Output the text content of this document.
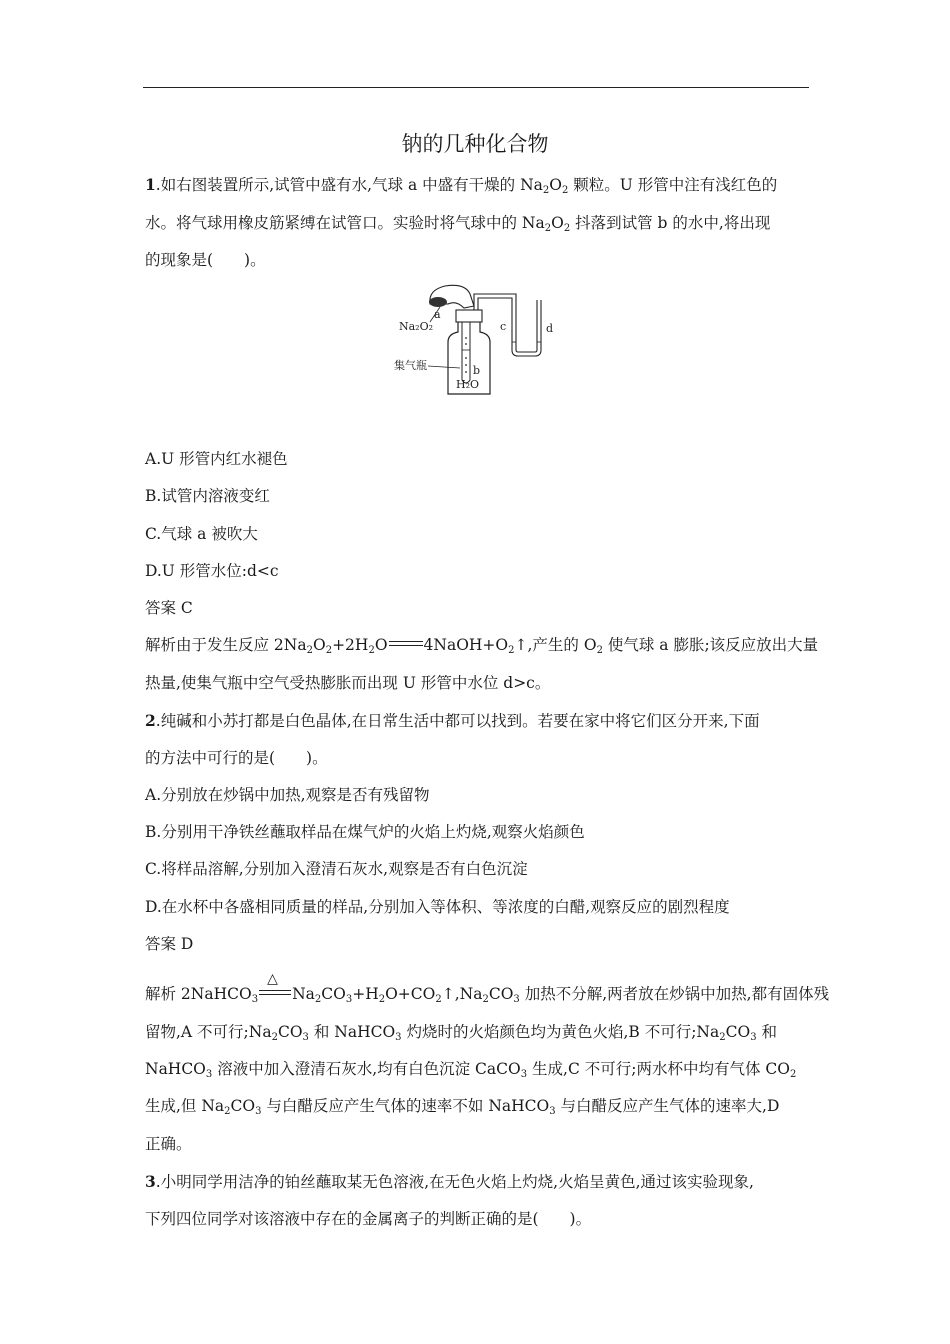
钠的几种化合物
1.如右图装置所示,试管中盛有水,气球 a 中盛有干燥的 $Na_2O_2$ 颗粒。U 形管中注有浅红色的
水。将气球用橡皮筋紧缚在试管口。实验时将气球中的 $Na_2O_2$ 抖落到试管 b 的水中,将出现
的现象是(　　)。
Na₂O₂
a
b
c	d
集气瓶
H₂O
A.U 形管内红水褪色
B.试管内溶液变红
C.气球 a 被吹大
D.U 形管水位:d<c
答案 C
解析由于发生反应 $2Na_2O_2+2H_2O$ $4NaOH+O_2↑$,产生的 $O_2$ 使气球 a 膨胀;该反应放出大量
热量,使集气瓶中空气受热膨胀而出现 U 形管中水位 d>c。
2.纯碱和小苏打都是白色晶体,在日常生活中都可以找到。若要在家中将它们区分开来,下面
的方法中可行的是(　　)。
A.分别放在炒锅中加热,观察是否有残留物
B.分别用干净铁丝蘸取样品在煤气炉的火焰上灼烧,观察火焰颜色
C.将样品溶解,分别加入澄清石灰水,观察是否有白色沉淀
D.在水杯中各盛相同质量的样品,分别加入等体积、等浓度的白醋,观察反应的剧烈程度
答案 D
解析 2NaHCO$_3$
△
$Na_2CO_3+H_2O+CO_2↑,Na_2CO_3$ 加热不分解,两者放在炒锅中加热,都有固体残
留物,A 不可行$;Na_2CO_3$ 和 NaHCO$_3$ 灼烧时的火焰颜色均为黄色火焰,B 不可行$;Na_2CO_3$ 和
NaHCO$_3$ 溶液中加入澄清石灰水,均有白色沉淀 CaCO$_3$ 生成,C 不可行;两水杯中均有气体 $CO_2$
生成,但 $Na_2CO_3$ 与白醋反应产生气体的速率不如 NaHCO$_3$ 与白醋反应产生气体的速率大,D
正确。
3.小明同学用洁净的铂丝蘸取某无色溶液,在无色火焰上灼烧,火焰呈黄色,通过该实验现象,
下列四位同学对该溶液中存在的金属离子的判断正确的是(　　)。
